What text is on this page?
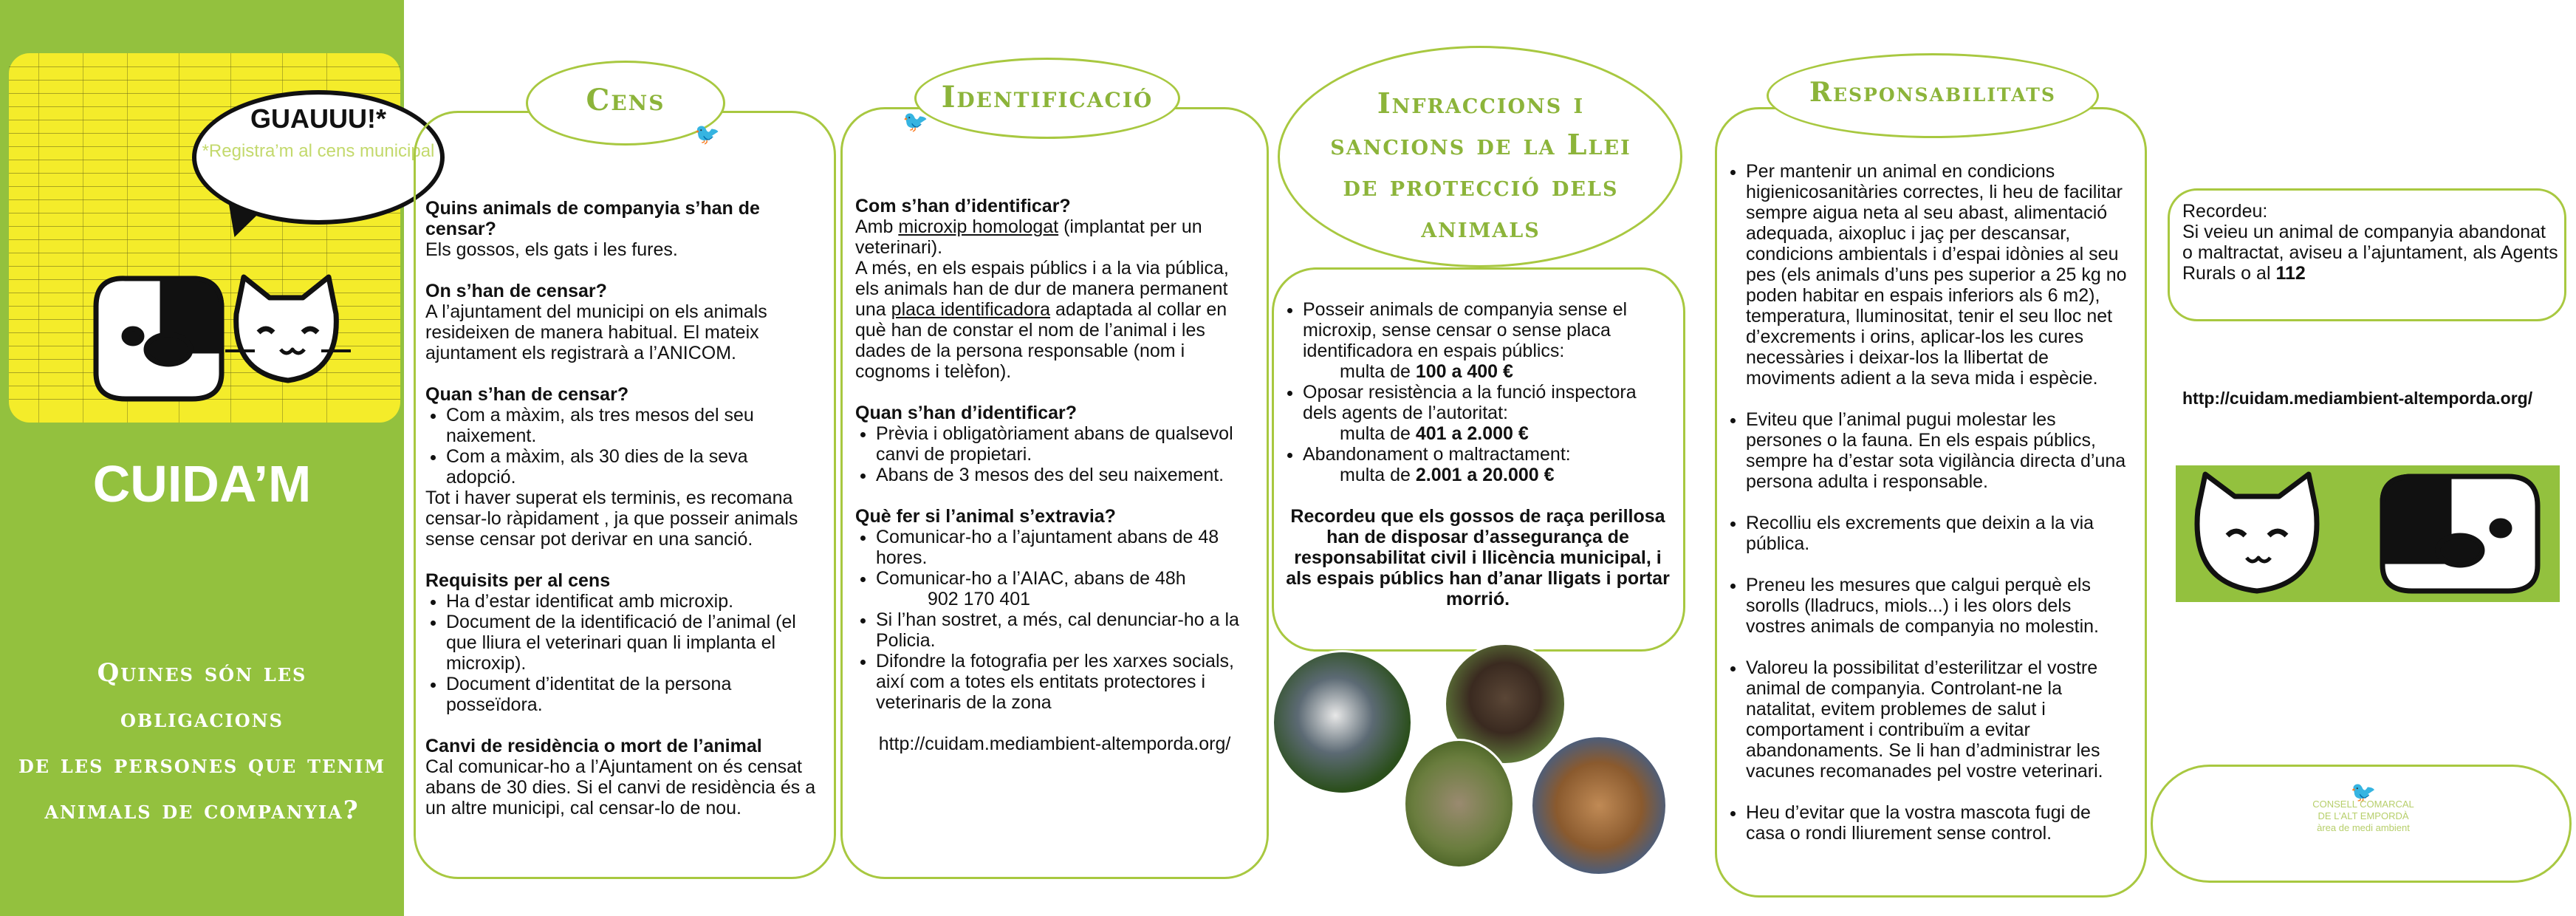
GUAUUU!*
*Registra’m al cens municipal
CUIDA’M
Quines són les
obligacions
de les persones que tenim
animals de companyia?
Cens
🐦
Quins animals de companyia s’han de censar?

Els gossos, els gats i les fures.

On s’han de censar?

A l’ajuntament del municipi on els animals resideixen de manera habitual. El mateix ajuntament els registrarà a l’ANICOM.

Quan s’han de censar?
• Com a màxim, als tres mesos del seu naixement.
• Com a màxim, als 30 dies de la seva adopció.

Tot i haver superat els terminis, es recomana censar-lo ràpidament , ja que posseir animals sense censar pot derivar en una sanció.

Requisits per al cens
• Ha d’estar identificat amb microxip.
• Document de la identificació de l’animal (el que lliura el veterinari quan li implanta el microxip).
• Document d’identitat de la persona posseïdora.
Canvi de residència o mort de l’animal

Cal comunicar-ho a l’Ajuntament on és censat abans de 30 dies. Si el canvi de residència és a un altre municipi, cal censar-lo de nou.

Identificació
🐦
Com s’han d’identificar?

Amb microxip homologat (implantat per un veterinari).

A més, en els espais públics i a la via pública, els animals han de dur de manera permanent una placa identificadora adaptada al collar en què han de constar el nom de l’animal i les dades de la persona responsable (nom i cognoms i telèfon).

Quan s’han d’identificar?
• Prèvia i obligatòriament abans de qualsevol canvi de propietari.
• Abans de 3 mesos des del seu naixement.
Què fer si l’animal s’extravia?
• Comunicar-ho a l’ajuntament abans de 48 hores.
• Comunicar-ho a l’AIAC, abans de 48h
902 170 401
• Si l’han sostret, a més, cal denunciar-ho a la Policia.
• Difondre la fotografia per les xarxes socials, així com a totes els entitats protectores i veterinaris de la zona

http://cuidam.mediambient-altemporda.org/

Infraccions i sancions de la Llei de protecció dels animals
• Posseir animals de companyia sense el microxip, sense censar o sense placa identificadora en espais públics:
multa de 100 a 400 €
• Oposar resistència a la funció inspectora dels agents de l’autoritat:
multa de 401 a 2.000 €
• Abandonament o maltractament:
multa de 2.001 a 20.000 €

Recordeu que els gossos de raça perillosa han de disposar d’assegurança de responsabilitat civil i llicència municipal, i als espais públics han d’anar lligats i portar morrió.

Responsabilitats
• Per mantenir un animal en condicions higienicosanitàries correctes, li heu de facilitar sempre aigua neta al seu abast, alimentació adequada, aixopluc i jaç per descansar, condicions ambientals i d’espai idònies al seu pes (els animals d’uns pes superior a 25 kg no poden habitar en espais inferiors als 6 m2), temperatura, lluminositat, tenir el seu lloc net d’excrements i orins, aplicar-los les cures necessàries i deixar-los la llibertat de moviments adient a la seva mida i espècie.
• Eviteu que l’animal pugui molestar les persones o la fauna. En els espais públics, sempre ha d’estar sota vigilància directa d’una persona adulta i responsable.
• Recolliu els excrements que deixin a la via pública.
• Preneu les mesures que calgui perquè els sorolls (lladrucs, miols...) i les olors dels vostres animals de companyia no molestin.
• Valoreu la possibilitat d’esterilitzar el vostre animal de companyia. Controlant-ne la natalitat, evitem problemes de salut i comportament i contribuïm a evitar abandonaments. Se li han d’administrar les vacunes recomanades pel vostre veterinari.
• Heu d’evitar que la vostra mascota fugi de casa o rondi lliurement sense control.

Recordeu:

Si veieu un animal de companyia abandonat o maltractat, aviseu a l’ajuntament, als Agents Rurals o al 112

http://cuidam.mediambient-altemporda.org/
🐦
CONSELL COMARCAL
DE L’ALT EMPORDÀ
àrea de medi ambient
